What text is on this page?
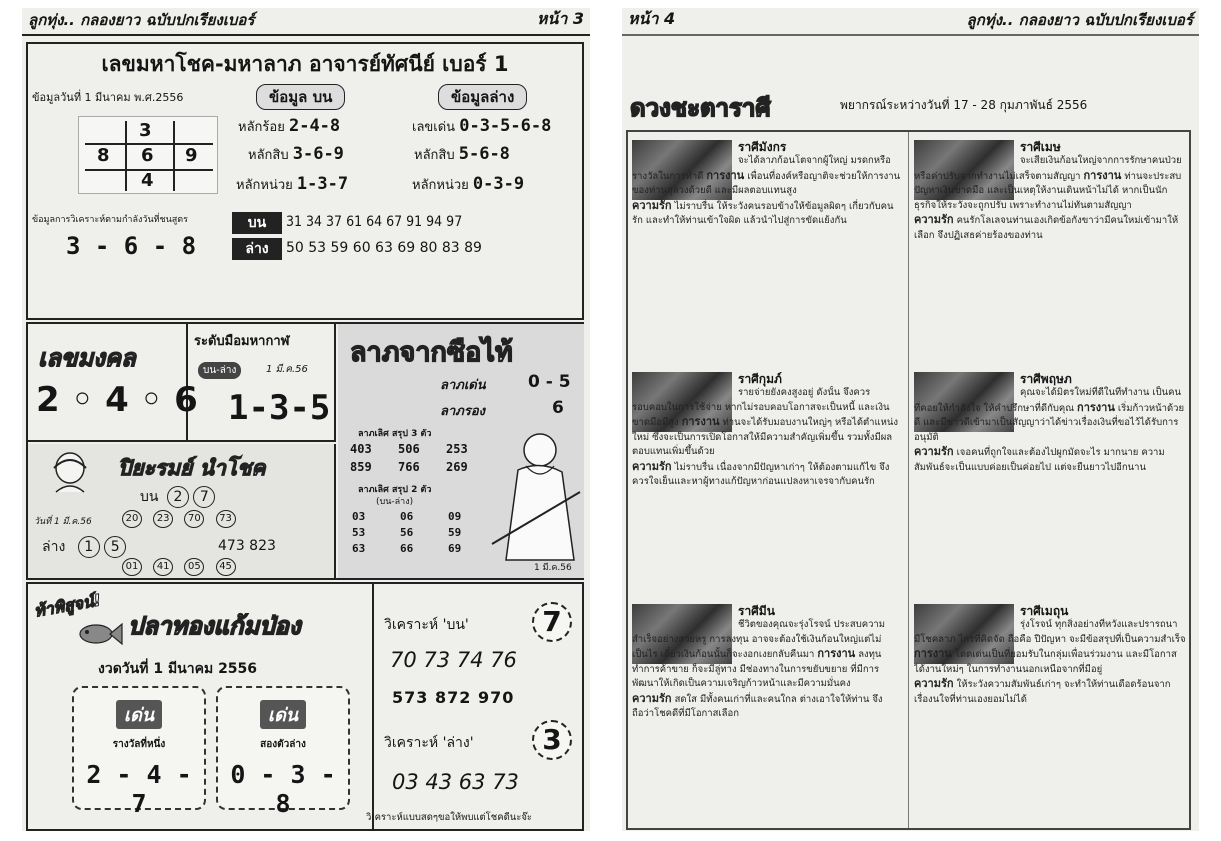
ลูกทุ่ง.. กลองยาว ฉบับปกเรียงเบอร์	หน้า 3
เลขมหาโชค-มหาลาภ อาจารย์ทัศนีย์ เบอร์ 1
ข้อมูลวันที่ 1 มีนาคม พ.ศ.2556	ข้อมูล บน	ข้อมูลล่าง
3
8 6 9
4
หลักร้อย 2-4-8
หลักสิบ 3-6-9
หลักหน่วย 1-3-7
เลขเด่น 0-3-5-6-8
หลักสิบ 5-6-8
หลักหน่วย 0-3-9
ข้อมูลการวิเคราะห์ตามกำลังวันที่ชนสูตร
3 - 6 - 8
บน	31 34 37 61 64 67 91 94 97
ล่าง	50 53 59 60 63 69 80 83 89
เลขมงคล
2 ◦ 4 ◦ 6
ระดับมือมหากาฬ
บน-ล่าง	1 มี.ค.56
1-3-5
ลาภจากซือไท้
ลาภเด่น 0 - 5
ลาภรอง	6
ลาภเลิศ สรุป 3 ตัว
403 506 253
859 766 269
ลาภเลิศ สรุป 2 ตัว
(บน-ล่าง)
03	06	09
53	56	59
63	66	69
1 มี.ค.56
ปิยะรมย์ นำโชค
บน 2 7
วันที่ 1 มี.ค.56	20 23 70 73
ล่าง 1 5	473 823
01 41 05 45
ท้าพิสูจน์!
ปลาทองแก้มป่อง
งวดวันที่ 1 มีนาคม 2556
เด่น
รางวัลที่หนึ่ง
2 - 4 - 7
เด่น
สองตัวล่าง
0 - 3 - 8
วิเคราะห์ 'บน'	7
70 73 74 76
573 872 970
วิเคราะห์ 'ล่าง'	3
03 43 63 73
วิเคราะห์แบบสดๆขอให้พบแต่โชคดีนะจ๊ะ
หน้า 4	ลูกทุ่ง.. กลองยาว ฉบับปกเรียงเบอร์
ดวงชะตาราศี	พยากรณ์ระหว่างวันที่ 17 - 28 กุมภาพันธ์ 2556
ราศีมังกร
จะได้ลาภก้อนโตจากผู้ใหญ่ มรดกหรือรางวัลในการทำดี การงาน เพื่อนที่องค์หรือญาติจะช่วยให้การงานของท่านลุล่วงด้วยดี และมีผลตอบแทนสูง
ความรัก ไม่ราบรื่น ให้ระวังคนรอบข้างให้ข้อมูลผิดๆ เกี่ยวกับคนรัก และทำให้ท่านเข้าใจผิด แล้วนำไปสู่การขัดแย้งกัน
ราศีเมษ
จะเสียเงินก้อนใหญ่จากการรักษาคนป่วย หรือค่าปรับจากทำงานไม่เสร็จตามสัญญา การงาน ท่านจะประสบปัญหาเงินขาดมือ และเป็นเหตุให้งานเดินหน้าไม่ได้ หากเป็นนักธุรกิจให้ระวังจะถูกปรับ เพราะทำงานไม่ทันตามสัญญา
ความรัก คนรักโลเลจนท่านเองเกิดข้อกังขาว่ามีคนใหม่เข้ามาให้เลือก จึงปฏิเสธค่ายร้องของท่าน
ราศีกุมภ์
รายจ่ายยังคงสูงอยู่ ดังนั้น จึงควรรอบคอบในการใช้จ่าย หากไม่รอบคอบโอกาสจะเป็นหนี้ และเงินขาดมือมีสูง การงาน ท่านจะได้รับมอบงานใหญ่ๆ หรือได้ตำแหน่งใหม่ ซึ่งจะเป็นการเปิดโอกาสให้มีความสำคัญเพิ่มขึ้น รวมทั้งมีผลตอบแทนเพิ่มขึ้นด้วย
ความรัก ไม่ราบรื่น เนื่องจากมีปัญหาเก่าๆ ให้ต้องตามแก้ไข จึงควรใจเย็นและหาผู้ทางแก้ปัญหาก่อนแปลงหาเจรจากับคนรัก
ราศีพฤษภ
คุณจะได้มิตรใหม่ที่ดีในที่ทำงาน เป็นคนที่คอยให้กำลังใจ ให้คำปรึกษาที่ดีกับคุณ การงาน เริ่มก้าวหน้าด้วยดี และมีข่าวดีเข้ามาเป็นสัญญาว่าได้ข่าวเรื่องเงินที่ขอไว้ได้รับการอนุมัติ
ความรัก เจอคนที่ถูกใจและต้องไปผูกมัดจะไร มากนาย ความสัมพันธ์จะเป็นแบบค่อยเป็นค่อยไป แต่จะยืนยาวไปอีกนาน
ราศีมีน
ชีวิตของคุณจะรุ่งโรจน์ ประสบความสำเร็จอย่างสวยหรู การลงทุน อาจจะต้องใช้เงินก้อนใหญ่แต่ไม่เป็นไร เดี๋ยวเงินก้อนนั้นก็จะงอกเงยกลับคืนมา การงาน ลงทุนทำการค้าขาย ก็จะมีลู่ทาง มีช่องทางในการขยับขยาย ที่มีการพัฒนาให้เกิดเป็นความเจริญก้าวหน้าและมีความมั่นคง
ความรัก สดใส มีทั้งคนเก่าที่และคนใกล ต่างเอาใจให้ท่าน จึงถือว่าโชคดีที่มีโอกาสเลือก
ราศีเมถุน
รุ่งโรจน์ ทุกสิ่งอย่างที่หวังและปรารถนา มีโชคลาภ ไกรที่คิดจัด ถือคือ ปีปัญหา จะมีข้อสรุปที่เป็นความสำเร็จ การงาน โดดเด่นเป็นที่ยอมรับในกลุ่มเพื่อนร่วมงาน และมีโอกาสได้งานใหม่ๆ ในการทำงานนอกเหนือจากที่มีอยู่
ความรัก ให้ระวังความสัมพันธ์เก่าๆ จะทำให้ท่านเดือดร้อนจากเรื่องนใจที่ท่านเองยอมไม่ได้
